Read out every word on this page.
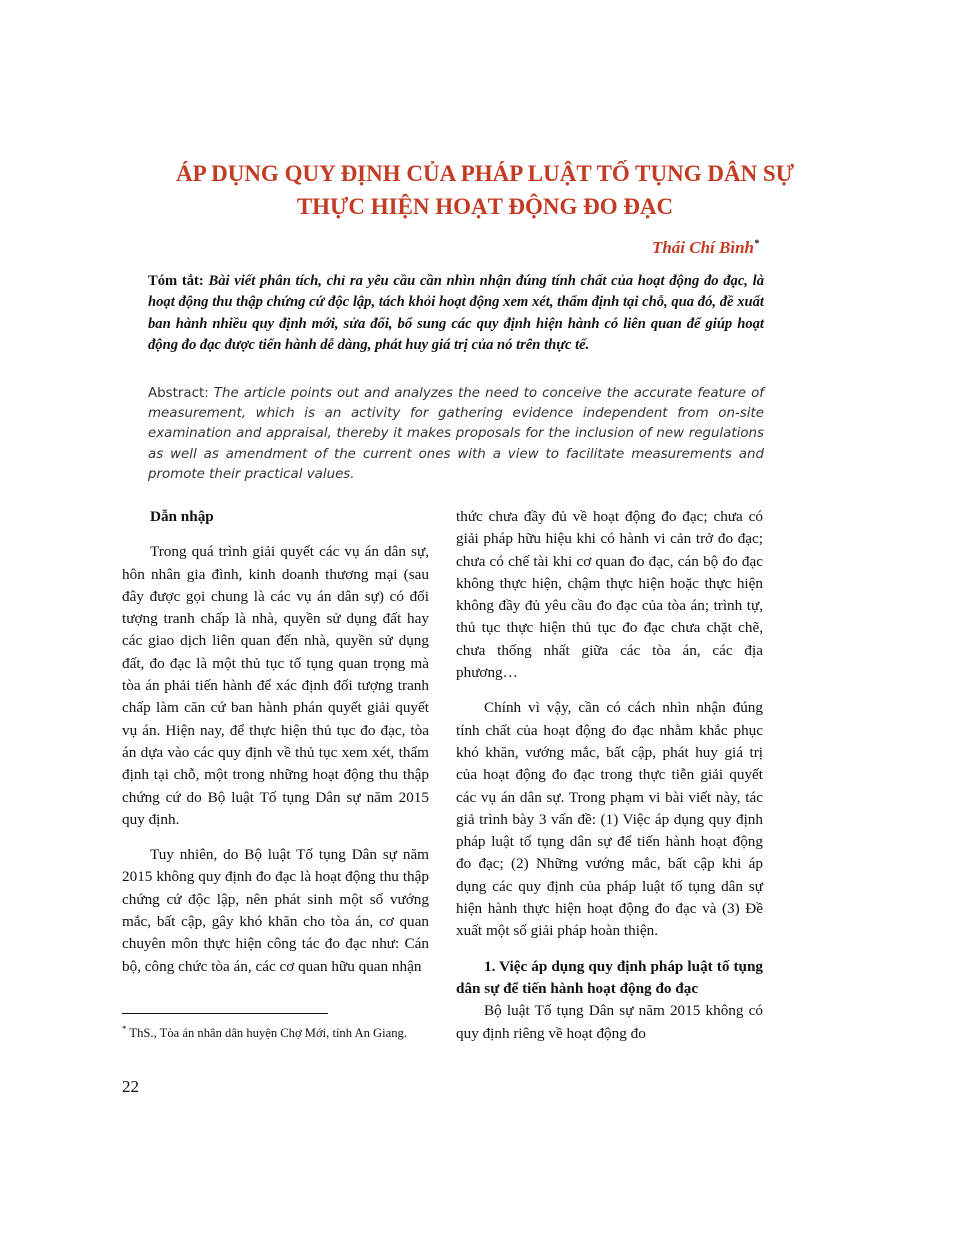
ÁP DỤNG QUY ĐỊNH CỦA PHÁP LUẬT TỐ TỤNG DÂN SỰ
THỰC HIỆN HOẠT ĐỘNG ĐO ĐẠC
Thái Chí Bình*

Tóm tắt: Bài viết phân tích, chỉ ra yêu cầu cần nhìn nhận đúng tính chất của hoạt động đo đạc, là hoạt động thu thập chứng cứ độc lập, tách khỏi hoạt động xem xét, thẩm định tại chỗ, qua đó, đề xuất ban hành nhiều quy định mới, sửa đổi, bổ sung các quy định hiện hành có liên quan để giúp hoạt động đo đạc được tiến hành dễ dàng, phát huy giá trị của nó trên thực tế.

Abstract: The article points out and analyzes the need to conceive the accurate feature of measurement, which is an activity for gathering evidence independent from on-site examination and appraisal, thereby it makes proposals for the inclusion of new regulations as well as amendment of the current ones with a view to facilitate measurements and promote their practical values.

Dẫn nhập

Trong quá trình giải quyết các vụ án dân sự, hôn nhân gia đình, kinh doanh thương mại (sau đây được gọi chung là các vụ án dân sự) có đối tượng tranh chấp là nhà, quyền sử dụng đất hay các giao dịch liên quan đến nhà, quyền sử dụng đất, đo đạc là một thủ tục tố tụng quan trọng mà tòa án phải tiến hành để xác định đối tượng tranh chấp làm căn cứ ban hành phán quyết giải quyết vụ án. Hiện nay, để thực hiện thủ tục đo đạc, tòa án dựa vào các quy định về thủ tục xem xét, thẩm định tại chỗ, một trong những hoạt động thu thập chứng cứ do Bộ luật Tố tụng Dân sự năm 2015 quy định.

Tuy nhiên, do Bộ luật Tố tụng Dân sự năm 2015 không quy định đo đạc là hoạt động thu thập chứng cứ độc lập, nên phát sinh một số vướng mắc, bất cập, gây khó khăn cho tòa án, cơ quan chuyên môn thực hiện công tác đo đạc như: Cán bộ, công chức tòa án, các cơ quan hữu quan nhận

thức chưa đầy đủ về hoạt động đo đạc; chưa có giải pháp hữu hiệu khi có hành vi cản trở đo đạc; chưa có chế tài khi cơ quan đo đạc, cán bộ đo đạc không thực hiện, chậm thực hiện hoặc thực hiện không đầy đủ yêu cầu đo đạc của tòa án; trình tự, thủ tục thực hiện thủ tục đo đạc chưa chặt chẽ, chưa thống nhất giữa các tòa án, các địa phương…

Chính vì vậy, cần có cách nhìn nhận đúng tính chất của hoạt động đo đạc nhằm khắc phục khó khăn, vướng mắc, bất cập, phát huy giá trị của hoạt động đo đạc trong thực tiễn giải quyết các vụ án dân sự. Trong phạm vi bài viết này, tác giả trình bày 3 vấn đề: (1) Việc áp dụng quy định pháp luật tố tụng dân sự để tiến hành hoạt động đo đạc; (2) Những vướng mắc, bất cập khi áp dụng các quy định của pháp luật tố tụng dân sự hiện hành thực hiện hoạt động đo đạc và (3) Đề xuất một số giải pháp hoàn thiện.

1. Việc áp dụng quy định pháp luật tố tụng dân sự để tiến hành hoạt động đo đạc

Bộ luật Tố tụng Dân sự năm 2015 không có quy định riêng về hoạt động đo

* ThS., Tòa án nhân dân huyện Chợ Mới, tỉnh An Giang.

22
